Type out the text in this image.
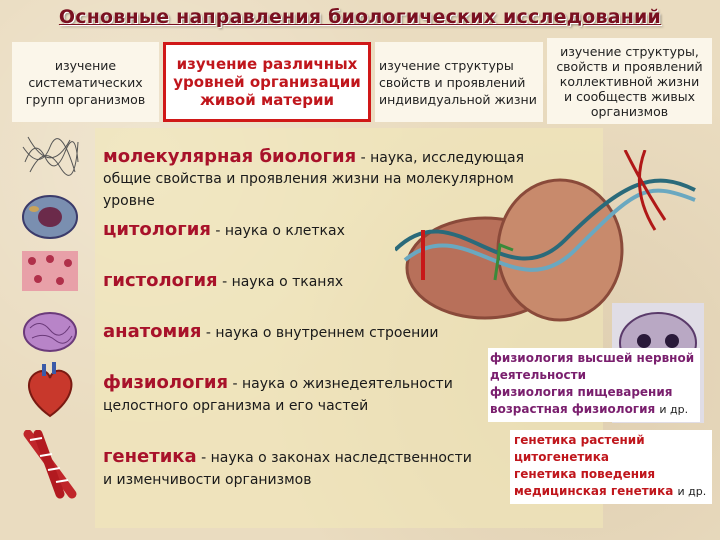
Основные направления биологических исследований
изучение
систематических
групп организмов
изучение различных
уровней организации
живой материи
изучение структуры
свойств и проявлений
индивидуальной жизни
изучение структуры,
свойств и проявлений
коллективной жизни
и сообществ живых
организмов
молекулярная биология - наука, исследующая
общие свойства и проявления жизни на молекулярном
уровне
цитология - наука о клетках
гистология - наука о тканях
анатомия - наука о внутреннем строении
физиология - наука о жизнедеятельности
целостного организма и его частей
генетика - наука о законах наследственности
и изменчивости организмов
физиология высшей нервной
деятельности
физиология пищеварения
возрастная физиология и др.
генетика растений
цитогенетика
генетика поведения
медицинская генетика и др.
